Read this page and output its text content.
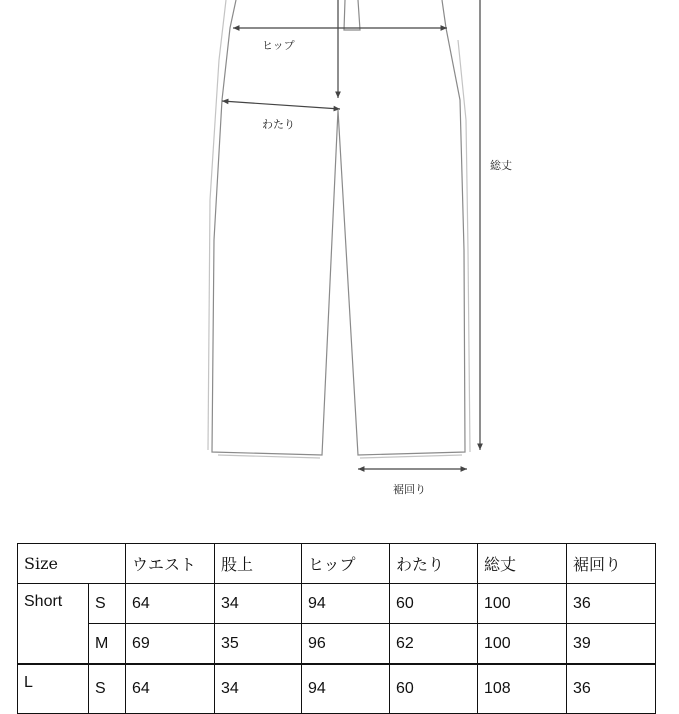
ヒップ
わたり
総丈
裾回り
Size		ウエスト	股上	ヒップ	わたり	総丈	裾回り
Short	S	64	34	94	60	100	36
	M	69	35	96	62	100	39
L	S	64	34	94	60	108	36
